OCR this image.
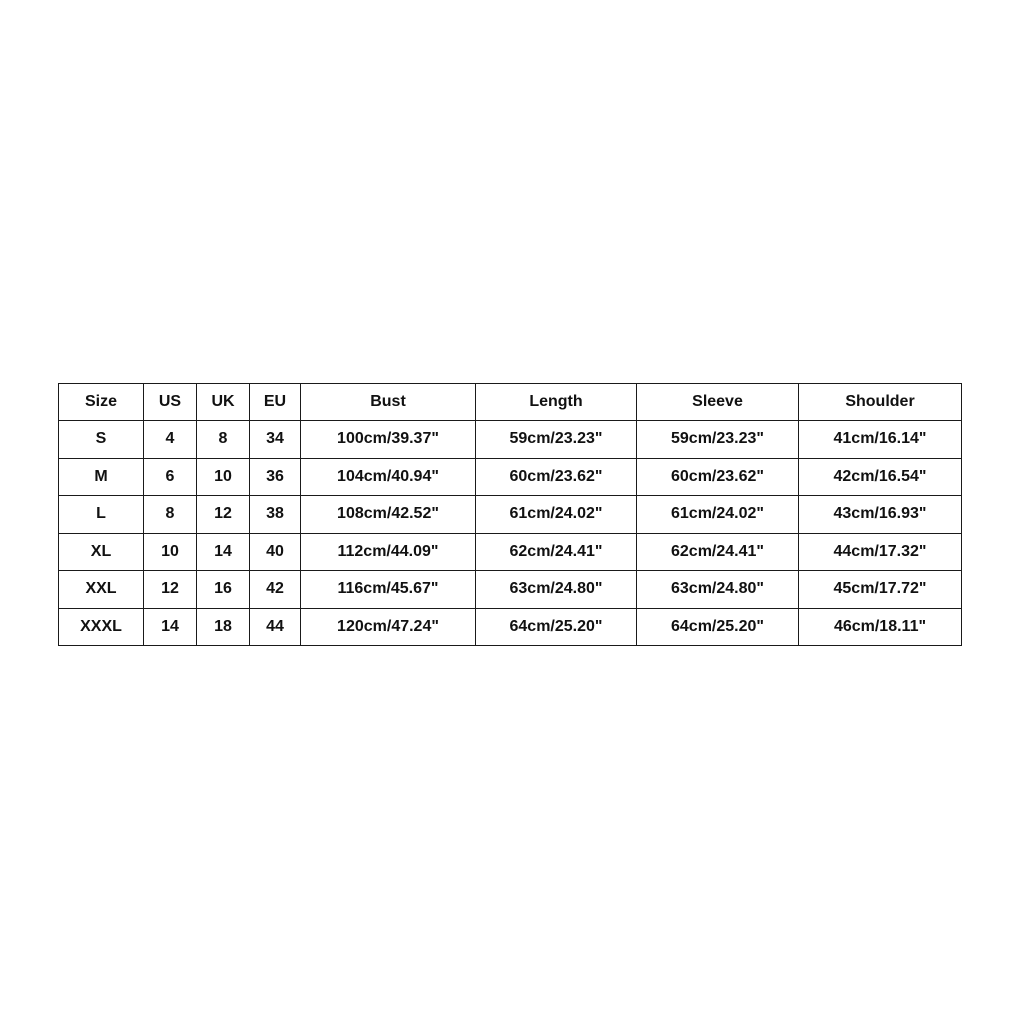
Size	US	UK	EU	Bust	Length	Sleeve	Shoulder
S	4	8	34	100cm/39.37"	59cm/23.23"	59cm/23.23"	41cm/16.14"
M	6	10	36	104cm/40.94"	60cm/23.62"	60cm/23.62"	42cm/16.54"
L	8	12	38	108cm/42.52"	61cm/24.02"	61cm/24.02"	43cm/16.93"
XL	10	14	40	112cm/44.09"	62cm/24.41"	62cm/24.41"	44cm/17.32"
XXL	12	16	42	116cm/45.67"	63cm/24.80"	63cm/24.80"	45cm/17.72"
XXXL	14	18	44	120cm/47.24"	64cm/25.20"	64cm/25.20"	46cm/18.11"
